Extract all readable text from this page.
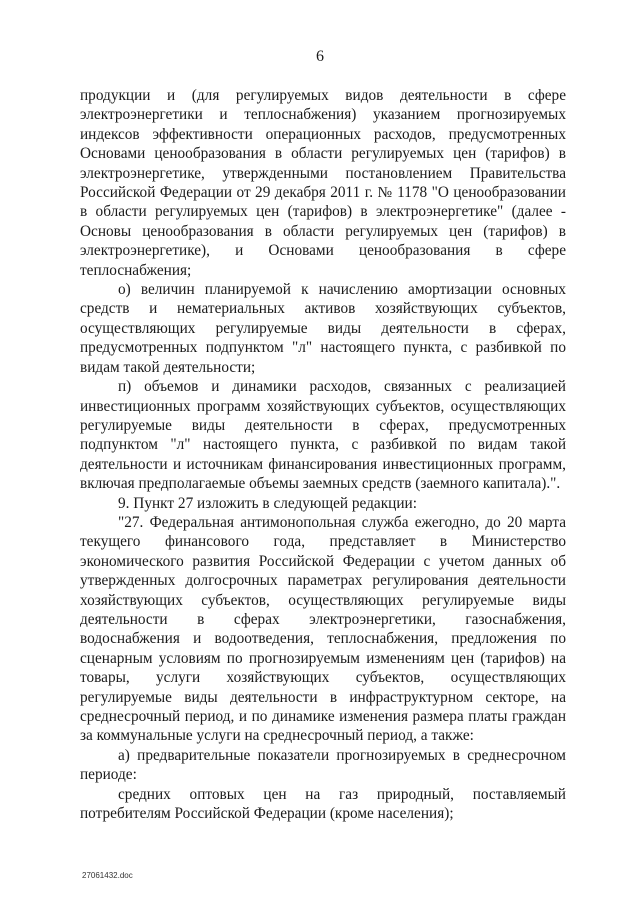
6

продукции и (для регулируемых видов деятельности в сфере электроэнергетики и теплоснабжения) указанием прогнозируемых индексов эффективности операционных расходов, предусмотренных Основами ценообразования в области регулируемых цен (тарифов) в электроэнергетике, утвержденными постановлением Правительства Российской Федерации от 29 декабря 2011 г. № 1178 "О ценообразовании в области регулируемых цен (тарифов) в электроэнергетике" (далее - Основы ценообразования в области регулируемых цен (тарифов) в электроэнергетике), и Основами ценообразования в сфере теплоснабжения;

о) величин планируемой к начислению амортизации основных средств и нематериальных активов хозяйствующих субъектов, осуществляющих регулируемые виды деятельности в сферах, предусмотренных подпунктом "л" настоящего пункта, с разбивкой по видам такой деятельности;

п) объемов и динамики расходов, связанных с реализацией инвестиционных программ хозяйствующих субъектов, осуществляющих регулируемые виды деятельности в сферах, предусмотренных подпунктом "л" настоящего пункта, с разбивкой по видам такой деятельности и источникам финансирования инвестиционных программ, включая предполагаемые объемы заемных средств (заемного капитала).".

9. Пункт 27 изложить в следующей редакции:

"27. Федеральная антимонопольная служба ежегодно, до 20 марта текущего финансового года, представляет в Министерство экономического развития Российской Федерации с учетом данных об утвержденных долгосрочных параметрах регулирования деятельности хозяйствующих субъектов, осуществляющих регулируемые виды деятельности в сферах электроэнергетики, газоснабжения, водоснабжения и водоотведения, теплоснабжения, предложения по сценарным условиям по прогнозируемым изменениям цен (тарифов) на товары, услуги хозяйствующих субъектов, осуществляющих регулируемые виды деятельности в инфраструктурном секторе, на среднесрочный период, и по динамике изменения размера платы граждан за коммунальные услуги на среднесрочный период, а также:

а) предварительные показатели прогнозируемых в среднесрочном периоде:

средних оптовых цен на газ природный, поставляемый потребителям Российской Федерации (кроме населения);

27061432.doc
